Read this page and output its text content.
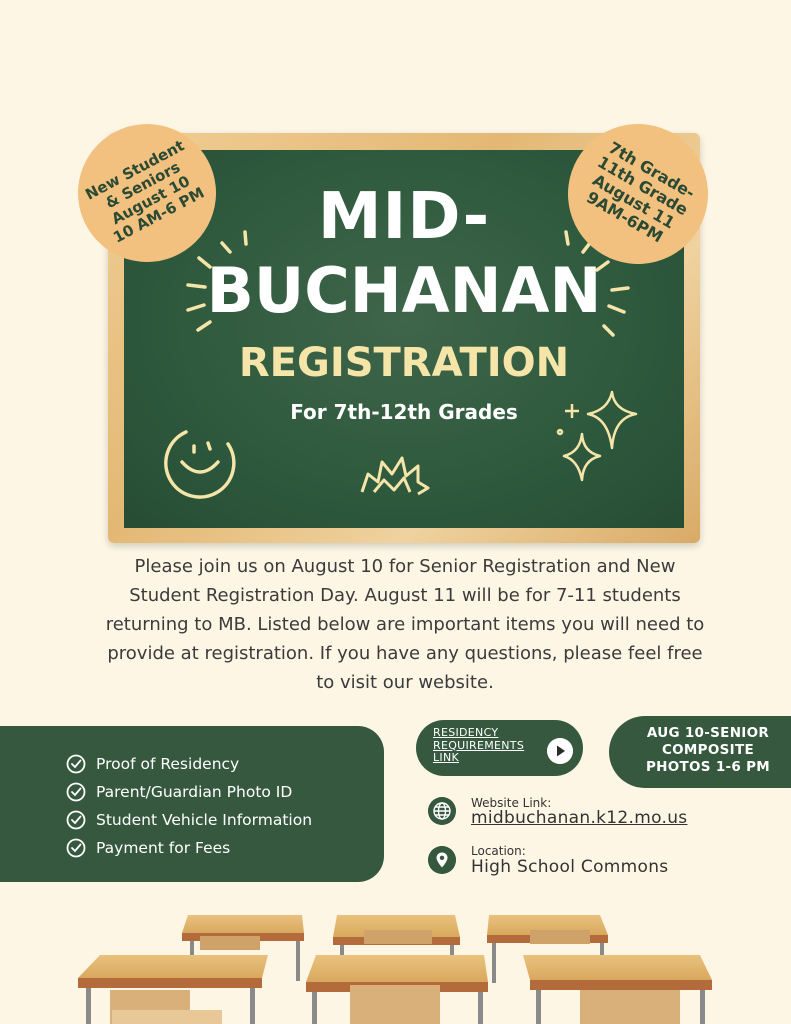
New Student
& Seniors
August 10
10 AM-6 PM
7th Grade-
11th Grade
August 11
9AM-6PM
MID-
BUCHANAN
REGISTRATION
For 7th-12th Grades

Please join us on August 10 for Senior Registration and New Student Registration Day. August 11 will be for 7-11 students returning to MB. Listed below are important items you will need to provide at registration. If you have any questions, please feel free to visit our website.

Proof of Residency
Parent/Guardian Photo ID
Student Vehicle Information
Payment for Fees
RESIDENCY REQUIREMENTS LINK
AUG 10-SENIOR COMPOSITE PHOTOS 1-6 PM
Website Link:
midbuchanan.k12.mo.us
Location:
High School Commons
